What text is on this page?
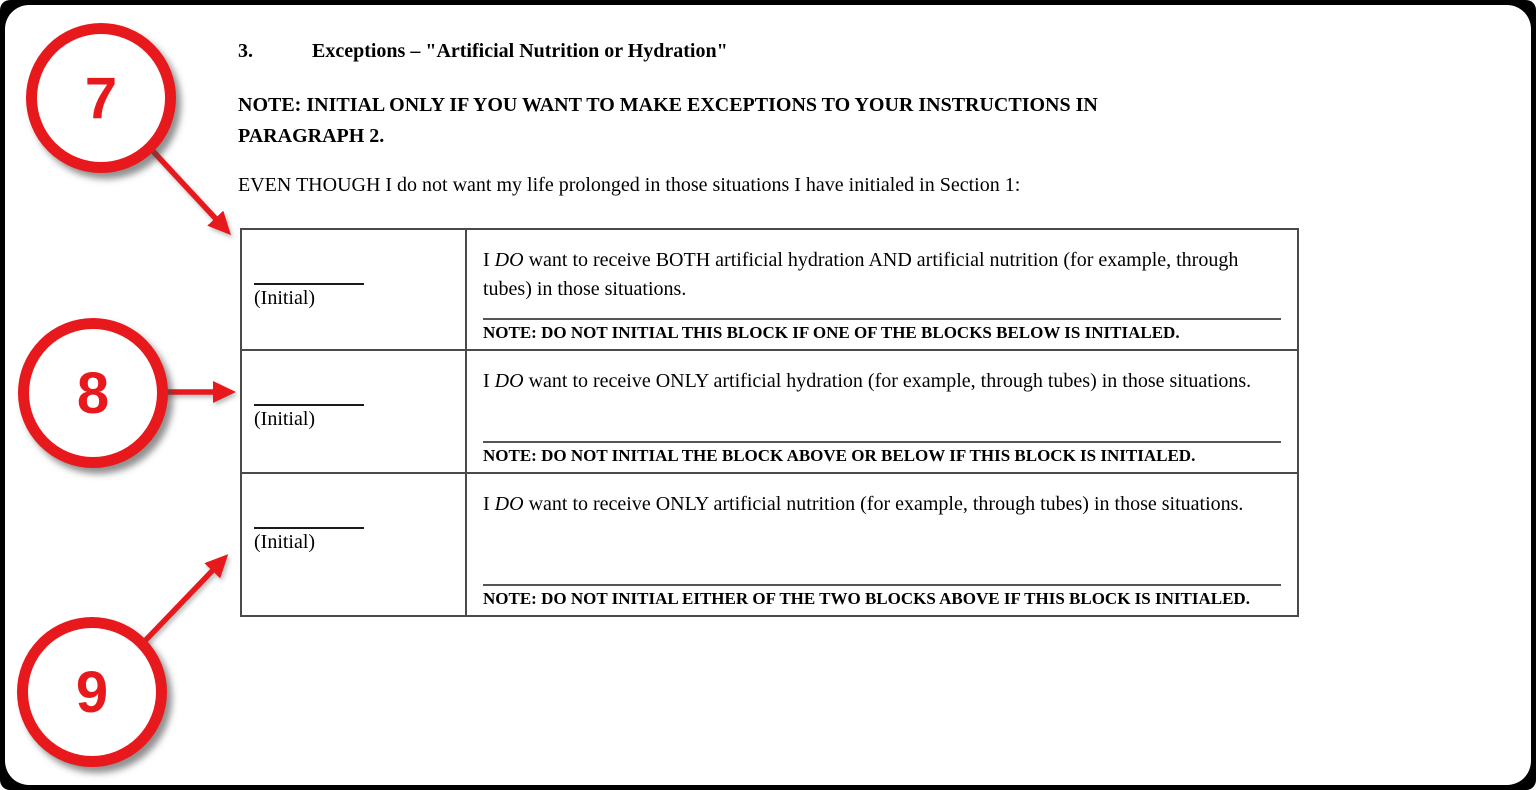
3.	Exceptions – "Artificial Nutrition or Hydration"
NOTE: INITIAL ONLY IF YOU WANT TO MAKE EXCEPTIONS TO YOUR INSTRUCTIONS IN
PARAGRAPH 2.
EVEN THOUGH I do not want my life prolonged in those situations I have initialed in Section 1:
(Initial)
I DO want to receive BOTH artificial hydration AND artificial nutrition (for example, through tubes) in those situations.
NOTE: DO NOT INITIAL THIS BLOCK IF ONE OF THE BLOCKS BELOW IS INITIALED.
(Initial)
I DO want to receive ONLY artificial hydration (for example, through tubes) in those situations.
NOTE: DO NOT INITIAL THE BLOCK ABOVE OR BELOW IF THIS BLOCK IS INITIALED.
(Initial)
I DO want to receive ONLY artificial nutrition (for example, through tubes) in those situations.
NOTE: DO NOT INITIAL EITHER OF THE TWO BLOCKS ABOVE IF THIS BLOCK IS INITIALED.
7
8
9
